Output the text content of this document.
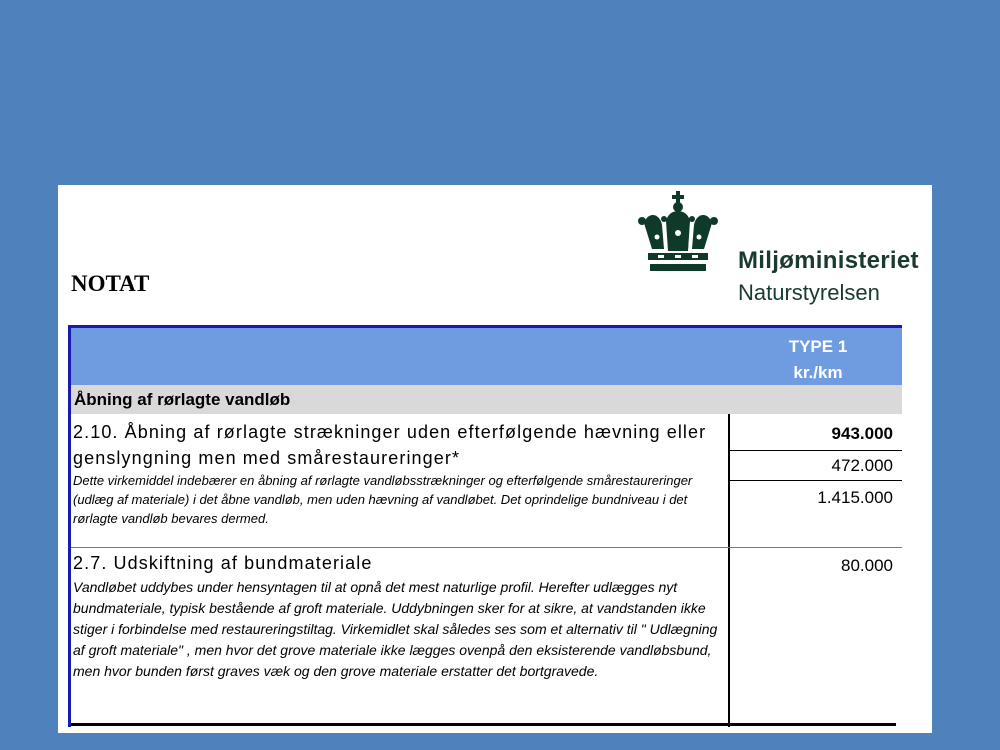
NOTAT
Miljøministeriet
Naturstyrelsen
TYPE 1
kr./km
Åbning af rørlagte vandløb
2.10. Åbning af rørlagte strækninger uden efterfølgende hævning eller
genslyngning men med smårestaureringer*
Dette virkemiddel indebærer en åbning af rørlagte vandløbsstrækninger og efterfølgende smårestaureringer (udlæg af materiale) i det åbne vandløb, men uden hævning af vandløbet. Det oprindelige bundniveau i det rørlagte vandløb bevares dermed.
943.000
472.000
1.415.000
2.7. Udskiftning af bundmateriale
Vandløbet uddybes under hensyntagen til at opnå det mest naturlige profil. Herefter udlægges nyt bundmateriale, typisk bestående af groft materiale. Uddybningen sker for at sikre, at vandstanden ikke stiger i forbindelse med restaureringstiltag. Virkemidlet skal således ses som et alternativ til " Udlægning af groft materiale" , men hvor det grove materiale ikke lægges ovenpå den eksisterende vandløbsbund, men hvor bunden først graves væk og den grove materiale erstatter det bortgravede.
80.000
